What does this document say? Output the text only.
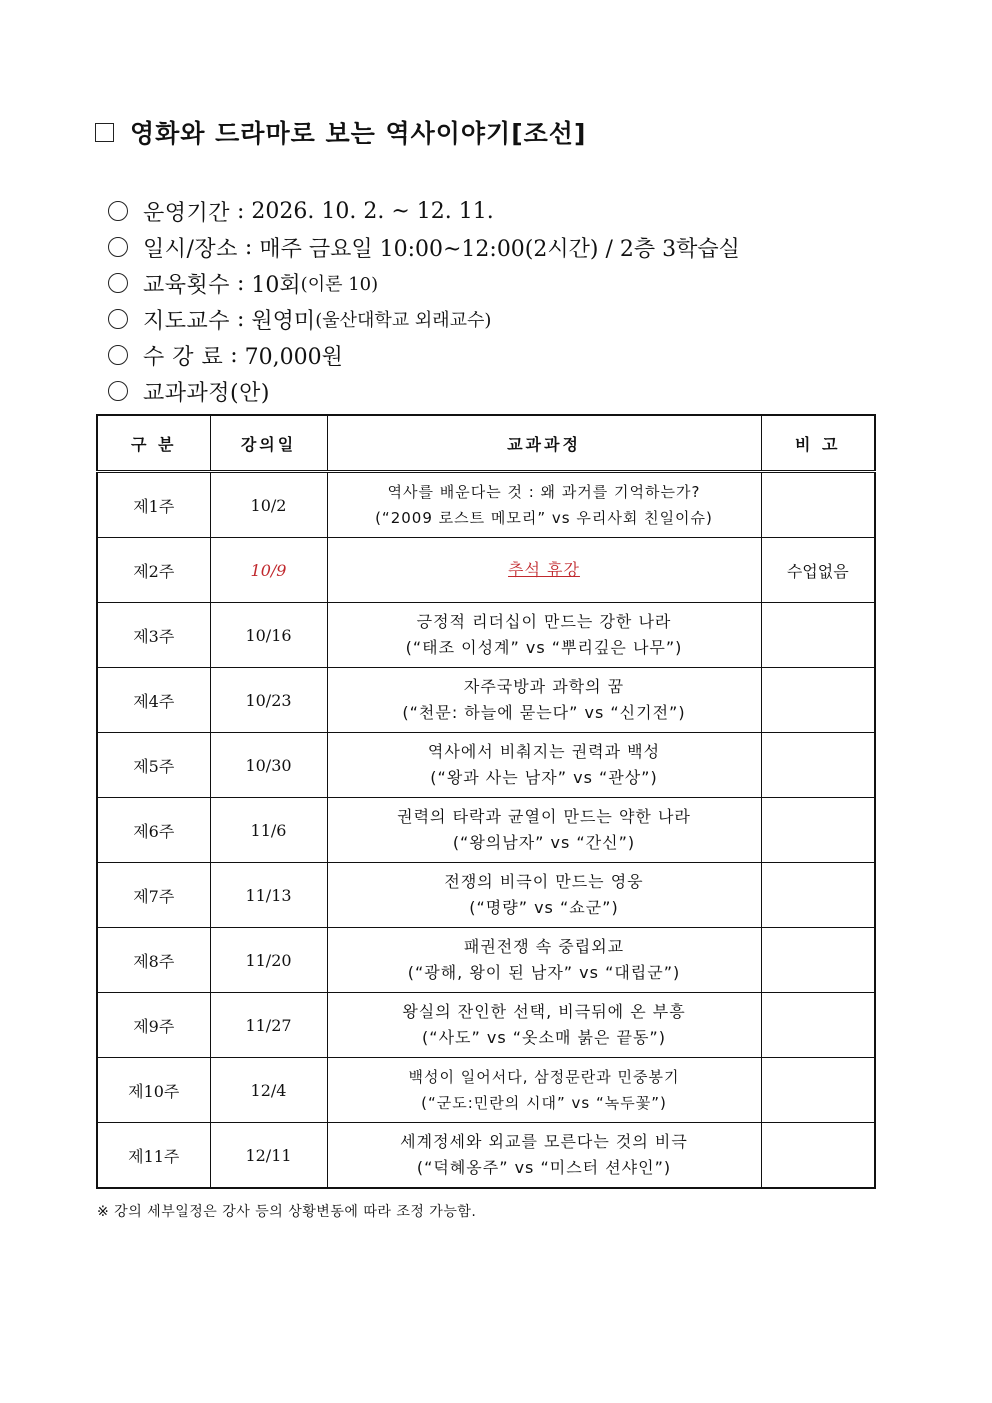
영화와 드라마로 보는 역사이야기[조선]
운영기간 : 2026. 10. 2. ~ 12. 11.
일시/장소 : 매주 금요일 10:00~12:00(2시간) / 2층 3학습실
교육횟수 : 10회 (이론 10)
지도교수 : 원영미 (울산대학교 외래교수)
수 강 료 : 70,000원
교과과정(안)
구 분	강의일	교과과정	비 고
제1주	10/2	역사를 배운다는 것 : 왜 과거를 기억하는가?
(“2009 로스트 메모리” vs 우리사회 친일이슈)	

제2주	10/9	추석 휴강	수업없음
제3주	10/16	긍정적 리더십이 만드는 강한 나라
(“태조 이성계” vs “뿌리깊은 나무”)	

제4주	10/23	자주국방과 과학의 꿈
(“천문: 하늘에 묻는다” vs “신기전”)	

제5주	10/30	역사에서 비춰지는 권력과 백성
(“왕과 사는 남자” vs “관상”)	

제6주	11/6	권력의 타락과 균열이 만드는 약한 나라
(“왕의남자” vs “간신”)	

제7주	11/13	전쟁의 비극이 만드는 영웅
(“명량” vs “쇼군”)	

제8주	11/20	패권전쟁 속 중립외교
(“광해, 왕이 된 남자” vs “대립군”)	

제9주	11/27	왕실의 잔인한 선택, 비극뒤에 온 부흥
(“사도” vs “옷소매 붉은 끝동”)	

제10주	12/4	백성이 일어서다, 삼정문란과 민중봉기
(“군도:민란의 시대” vs “녹두꽃”)	

제11주	12/11	세계정세와 외교를 모른다는 것의 비극
(“덕혜옹주” vs “미스터 션샤인”)	

※ 강의 세부일정은 강사 등의 상황변동에 따라 조정 가능함.
